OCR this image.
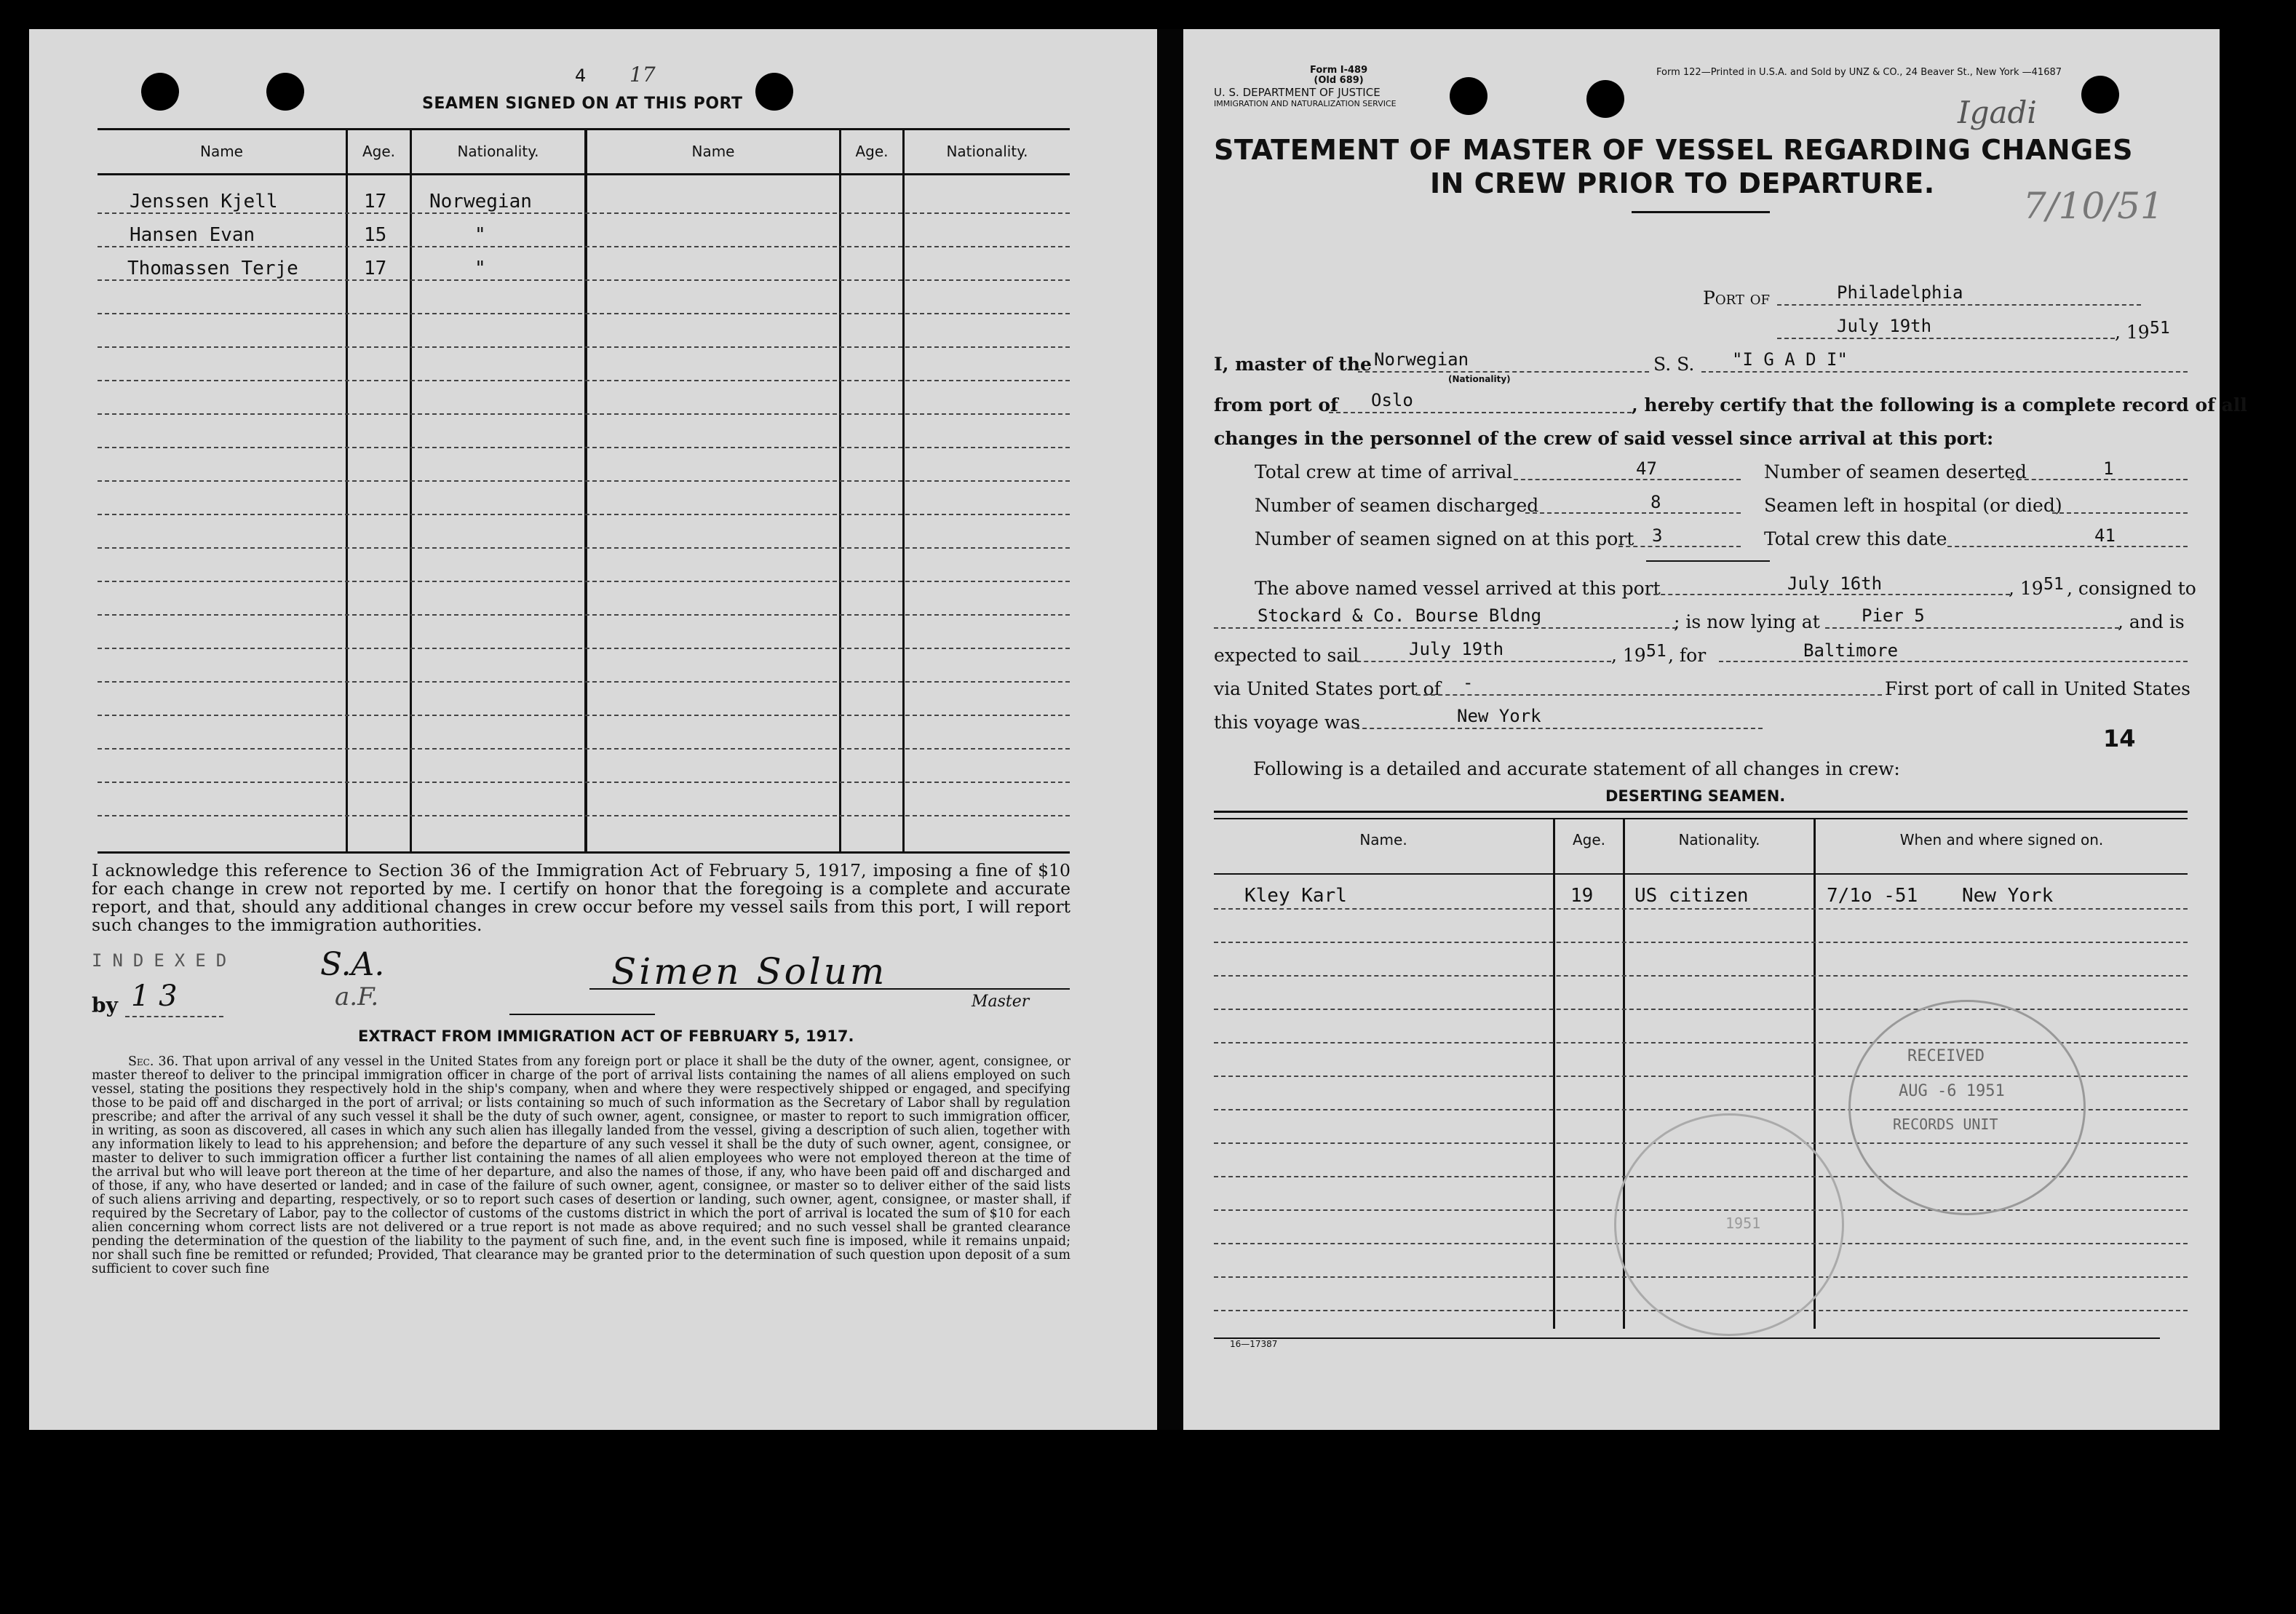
4 17
SEAMEN SIGNED ON AT THIS PORT
Name	Age.	Nationality.	Name	Age.	Nationality.
Jenssen Kjell	17 Norwegian
Hansen Evan	15	"
Thomassen Terje	17	"
I acknowledge this reference to Section 36 of the Immigration Act of February 5, 1917, imposing a fine of $10 for each change in crew not reported by me. I certify on honor that the foregoing is a complete and accurate report, and that, should any additional changes in crew occur before my vessel sails from this port, I will report such changes to the immigration authorities.
INDEXED
by 1 3
S.A.
a.F.
Simen Solum
Master
EXTRACT FROM IMMIGRATION ACT OF FEBRUARY 5, 1917.
Sec. 36. That upon arrival of any vessel in the United States from any foreign port or place it shall be the duty of the owner, agent, consignee, or master thereof to deliver to the principal immigration officer in charge of the port of arrival lists containing the names of all aliens employed on such vessel, stating the positions they respectively hold in the ship's company, when and where they were respectively shipped or engaged, and specifying those to be paid off and discharged in the port of arrival; or lists containing so much of such information as the Secretary of Labor shall by regulation prescribe; and after the arrival of any such vessel it shall be the duty of such owner, agent, consignee, or master to report to such immigration officer, in writing, as soon as discovered, all cases in which any such alien has illegally landed from the vessel, giving a description of such alien, together with any information likely to lead to his apprehension; and before the departure of any such vessel it shall be the duty of such owner, agent, consignee, or master to deliver to such immigration officer a further list containing the names of all alien employees who were not employed thereon at the time of the arrival but who will leave port thereon at the time of her departure, and also the names of those, if any, who have been paid off and discharged and of those, if any, who have deserted or landed; and in case of the failure of such owner, agent, consignee, or master so to deliver either of the said lists of such aliens arriving and departing, respectively, or so to report such cases of desertion or landing, such owner, agent, consignee, or master shall, if required by the Secretary of Labor, pay to the collector of customs of the customs district in which the port of arrival is located the sum of $10 for each alien concerning whom correct lists are not delivered or a true report is not made as above required; and no such vessel shall be granted clearance pending the determination of the question of the liability to the payment of such fine, and, in the event such fine is imposed, while it remains unpaid; nor shall such fine be remitted or refunded; Provided, That clearance may be granted prior to the determination of such question upon deposit of a sum sufficient to cover such fine
Form I-489
(Old 689)
U. S. DEPARTMENT OF JUSTICE
IMMIGRATION AND NATURALIZATION SERVICE
Form 122—Printed in U.S.A. and Sold by UNZ & CO., 24 Beaver St., New York —41687
Igadi
7/10/51
STATEMENT OF MASTER OF VESSEL REGARDING CHANGES
IN CREW PRIOR TO DEPARTURE.
Port of	Philadelphia
July 19th	, 19 51
I, master of the Norwegian
(Nationality)
S. S. "I G A D I"
from port of Oslo	, hereby certify that the following is a complete record of all
changes in the personnel of the crew of said vessel since arrival at this port:
Total crew at time of arrival	47	Number of seamen deserted	1
Number of seamen discharged	8	Seamen left in hospital (or died)
Number of seamen signed on at this port 3	Total crew this date	41
The above named vessel arrived at this port	July 16th	, 19 51 , consigned to
Stockard & Co. Bourse Bldng	; is now lying at Pier 5	, and is
expected to sail	July 19th	, 19 51 , for	Baltimore
via United States port of -	First port of call in United States
this voyage was	New York
14
Following is a detailed and accurate statement of all changes in crew:
DESERTING SEAMEN.
Name.	Age.	Nationality.	When and where signed on.
Kley Karl	19 US citizen	7/1o -51 New York
RECEIVED
AUG -6 1951
RECORDS UNIT
1951
16—17387
